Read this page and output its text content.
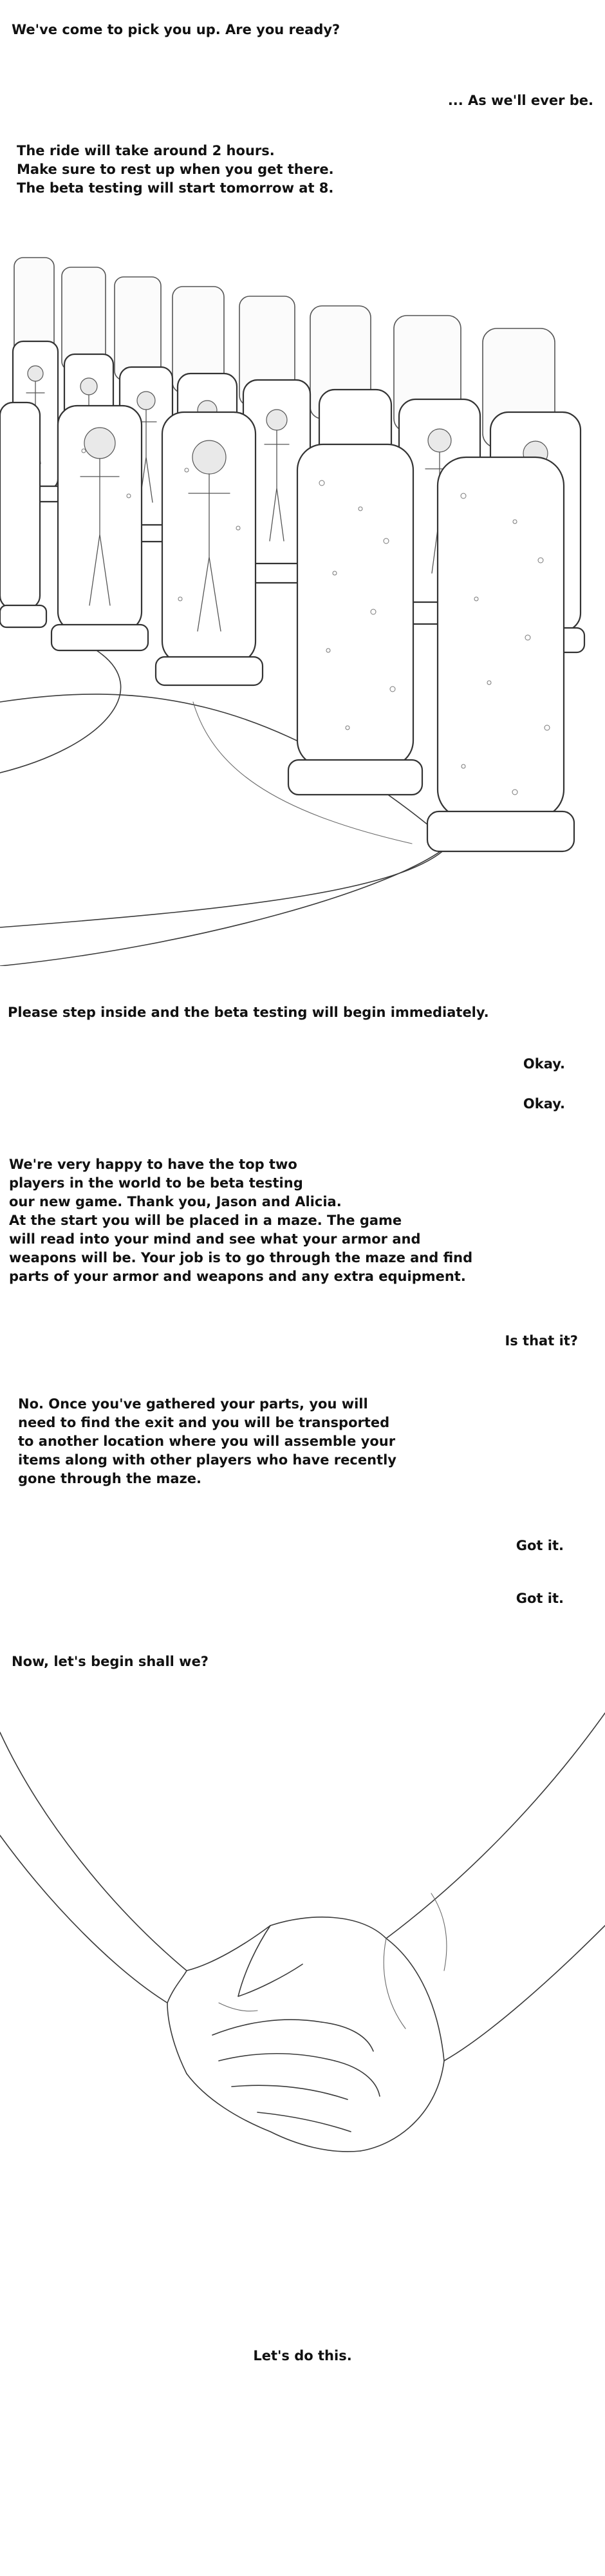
We've come to pick you up. Are you ready?

... As we'll ever be.

The ride will take around 2 hours.
Make sure to rest up when you get there.
The beta testing will start tomorrow at 8.

Please step inside and the beta testing will begin immediately.

Okay.

Okay.

We're very happy to have the top two
players in the world to be beta testing
our new game. Thank you, Jason and Alicia.
At the start you will be placed in a maze. The game
will read into your mind and see what your armor and
weapons will be. Your job is to go through the maze and find
parts of your armor and weapons and any extra equipment.

Is that it?

No. Once you've gathered your parts, you will
need to find the exit and you will be transported
to another location where you will assemble your
items along with other players who have recently
gone through the maze.

Got it.

Got it.

Now, let's begin shall we?

Let's do this.
